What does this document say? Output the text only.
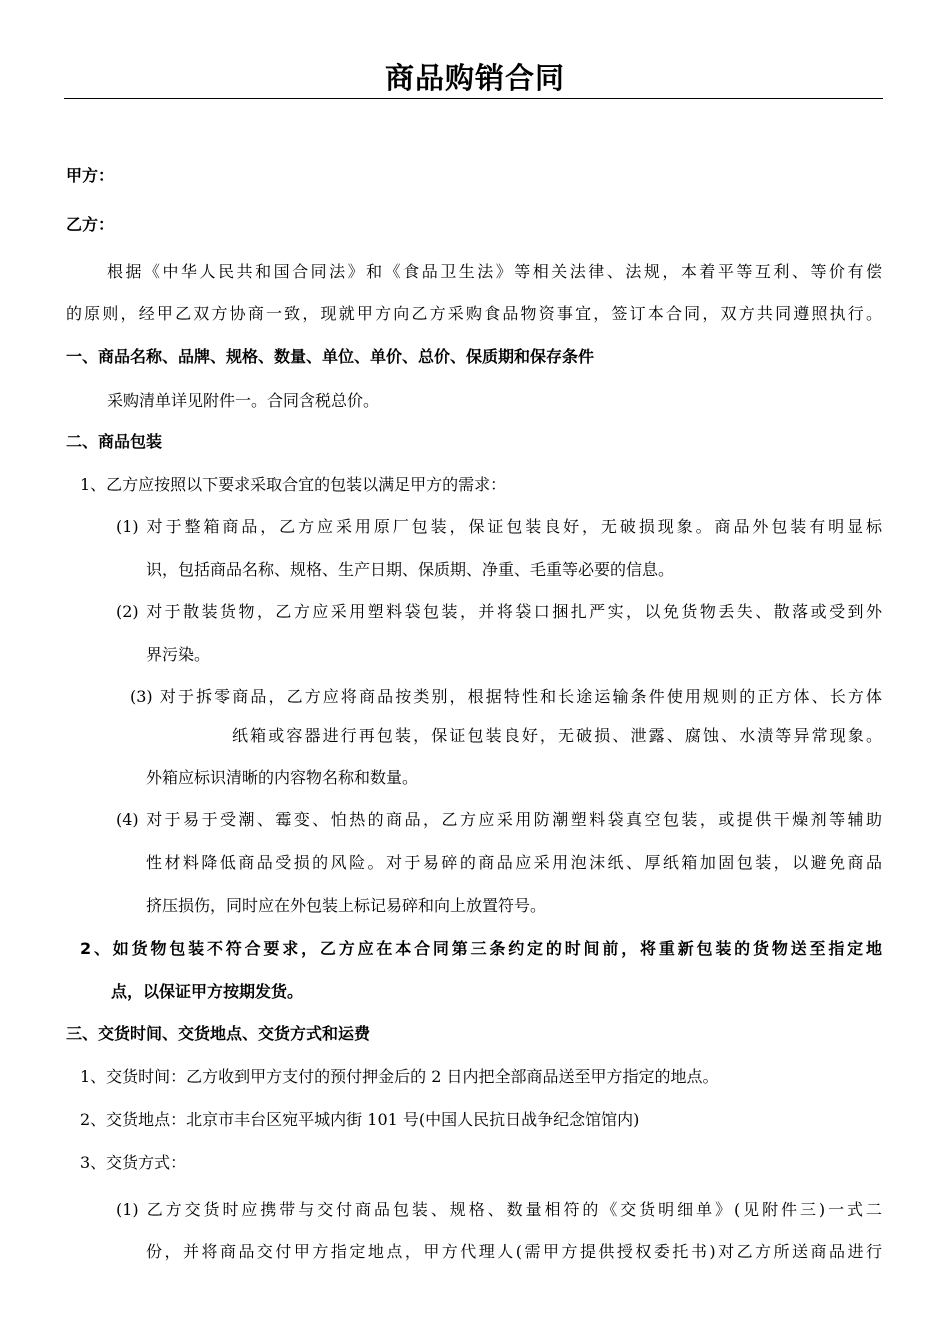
商品购销合同
甲方：
乙方：
根据《中华人民共和国合同法》和《食品卫生法》等相关法律、法规，本着平等互利、等价有偿
的原则，经甲乙双方协商一致，现就甲方向乙方采购食品物资事宜，签订本合同，双方共同遵照执行。
一、商品名称、品牌、规格、数量、单位、单价、总价、保质期和保存条件
采购清单详见附件一。合同含税总价。
二、商品包装
1、乙方应按照以下要求采取合宜的包装以满足甲方的需求：
(1) 对于整箱商品，乙方应采用原厂包装，保证包装良好，无破损现象。商品外包装有明显标
识，包括商品名称、规格、生产日期、保质期、净重、毛重等必要的信息。
(2) 对于散装货物，乙方应采用塑料袋包装，并将袋口捆扎严实，以免货物丢失、散落或受到外
界污染。
(3) 对于拆零商品，乙方应将商品按类别，根据特性和长途运输条件使用规则的正方体、长方体
纸箱或容器进行再包装，保证包装良好，无破损、泄露、腐蚀、水渍等异常现象。
外箱应标识清晰的内容物名称和数量。
(4) 对于易于受潮、霉变、怕热的商品，乙方应采用防潮塑料袋真空包装，或提供干燥剂等辅助
性材料降低商品受损的风险。对于易碎的商品应采用泡沫纸、厚纸箱加固包装，以避免商品
挤压损伤，同时应在外包装上标记易碎和向上放置符号。
2、如货物包装不符合要求，乙方应在本合同第三条约定的时间前，将重新包装的货物送至指定地
点，以保证甲方按期发货。
三、交货时间、交货地点、交货方式和运费
1、交货时间：乙方收到甲方支付的预付押金后的 2 日内把全部商品送至甲方指定的地点。
2、交货地点：北京市丰台区宛平城内街 101 号(中国人民抗日战争纪念馆馆内)
3、交货方式：
(1) 乙方交货时应携带与交付商品包装、规格、数量相符的《交货明细单》(见附件三)一式二
份，并将商品交付甲方指定地点，甲方代理人(需甲方提供授权委托书)对乙方所送商品进行
